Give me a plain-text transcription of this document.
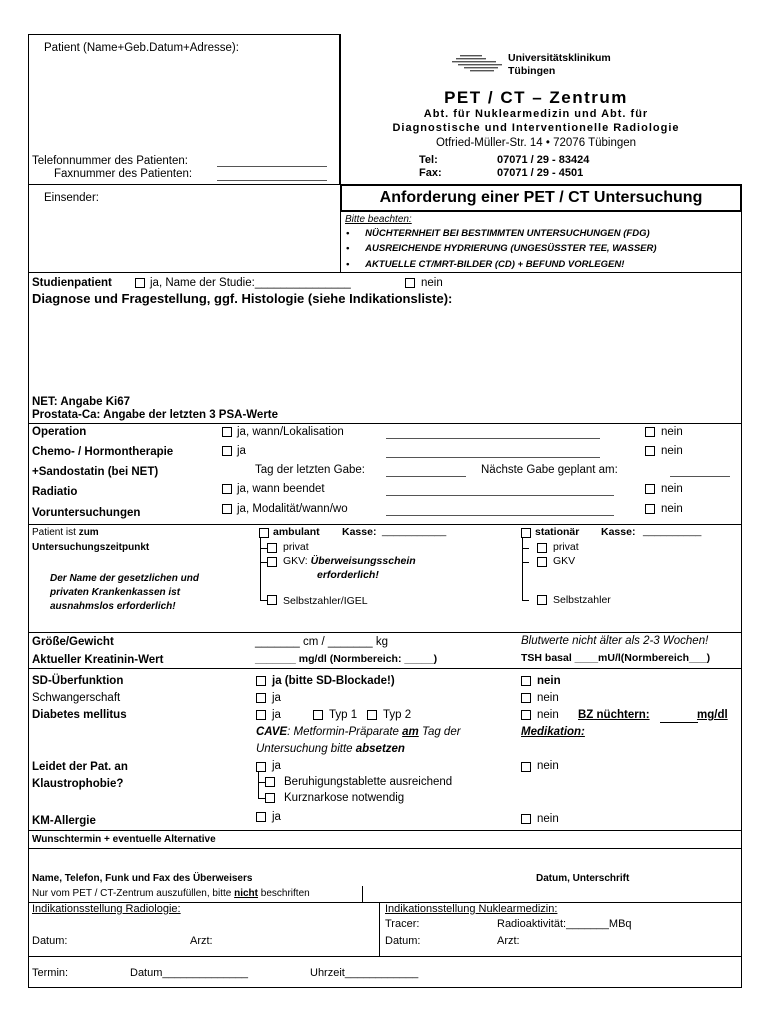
Patient (Name+Geb.Datum+Adresse):
Telefonnummer des Patienten:
Faxnummer des Patienten:
Universitätsklinikum
Tübingen
PET / CT – Zentrum
Abt. für Nuklearmedizin und Abt. für
Diagnostische und Interventionelle Radiologie
Otfried-Müller-Str. 14 • 72076 Tübingen
Tel:	07071 / 29 - 83424
Fax:	07071 / 29 - 4501
Einsender:	Anforderung einer PET / CT Untersuchung
Bitte beachten:
•      NÜCHTERNHEIT BEI BESTIMMTEN UNTERSUCHUNGEN (FDG)
•      AUSREICHENDE HYDRIERUNG (UNGESÜSSTER TEE, WASSER)
•      AKTUELLE CT/MRT-BILDER (CD) + BEFUND VORLEGEN!
Studienpatient	ja, Name der Studie:_______________	nein
Diagnose und Fragestellung, ggf. Histologie (siehe Indikationsliste):
NET: Angabe Ki67
Prostata-Ca: Angabe der letzten 3 PSA-Werte
Operation	ja, wann/Lokalisation	nein
Chemo- / Hormontherapie	ja	nein
+Sandostatin (bei NET)	Tag der letzten Gabe:	Nächste Gabe geplant am:
Radiatio	ja, wann beendet	nein
Voruntersuchungen	ja, Modalität/wann/wo	nein
Patient ist zum
Untersuchungszeitpunkt
Der Name der gesetzlichen und
privaten Krankenkassen ist
ausnahmslos erforderlich!
ambulant Kasse: ___________
privat
GKV: Überweisungsschein
erforderlich!
Selbstzahler/IGEL
stationär Kasse: __________
privat
GKV
Selbstzahler
Größe/Gewicht	_______ cm / _______ kg	Blutwerte nicht älter als 2-3 Wochen!
Aktueller Kreatinin-Wert	_______ mg/dl (Normbereich: _____)	TSH basal ____mU/l(Normbereich___)
SD-Überfunktion	ja (bitte SD-Blockade!)	nein
Schwangerschaft	ja	nein
Diabetes mellitus	ja	Typ 1 Typ 2	nein BZ nüchtern:	mg/dl
CAVE: Metformin-Präparate am Tag der
Untersuchung bitte absetzen
Medikation:
Leidet der Pat. an
Klaustrophobie?
ja
Beruhigungstablette ausreichend
Kurznarkose notwendig
nein
KM-Allergie	ja	nein
Wunschtermin + eventuelle Alternative
Name, Telefon, Funk und Fax des Überweisers	Datum, Unterschrift
Nur vom PET / CT-Zentrum auszufüllen, bitte nicht beschriften
Indikationsstellung Radiologie:
Datum:	Arzt:
Indikationsstellung Nuklearmedizin:
Tracer:	Radioaktivität:_______MBq
Datum:	Arzt:
Termin:	Datum______________	Uhrzeit____________
